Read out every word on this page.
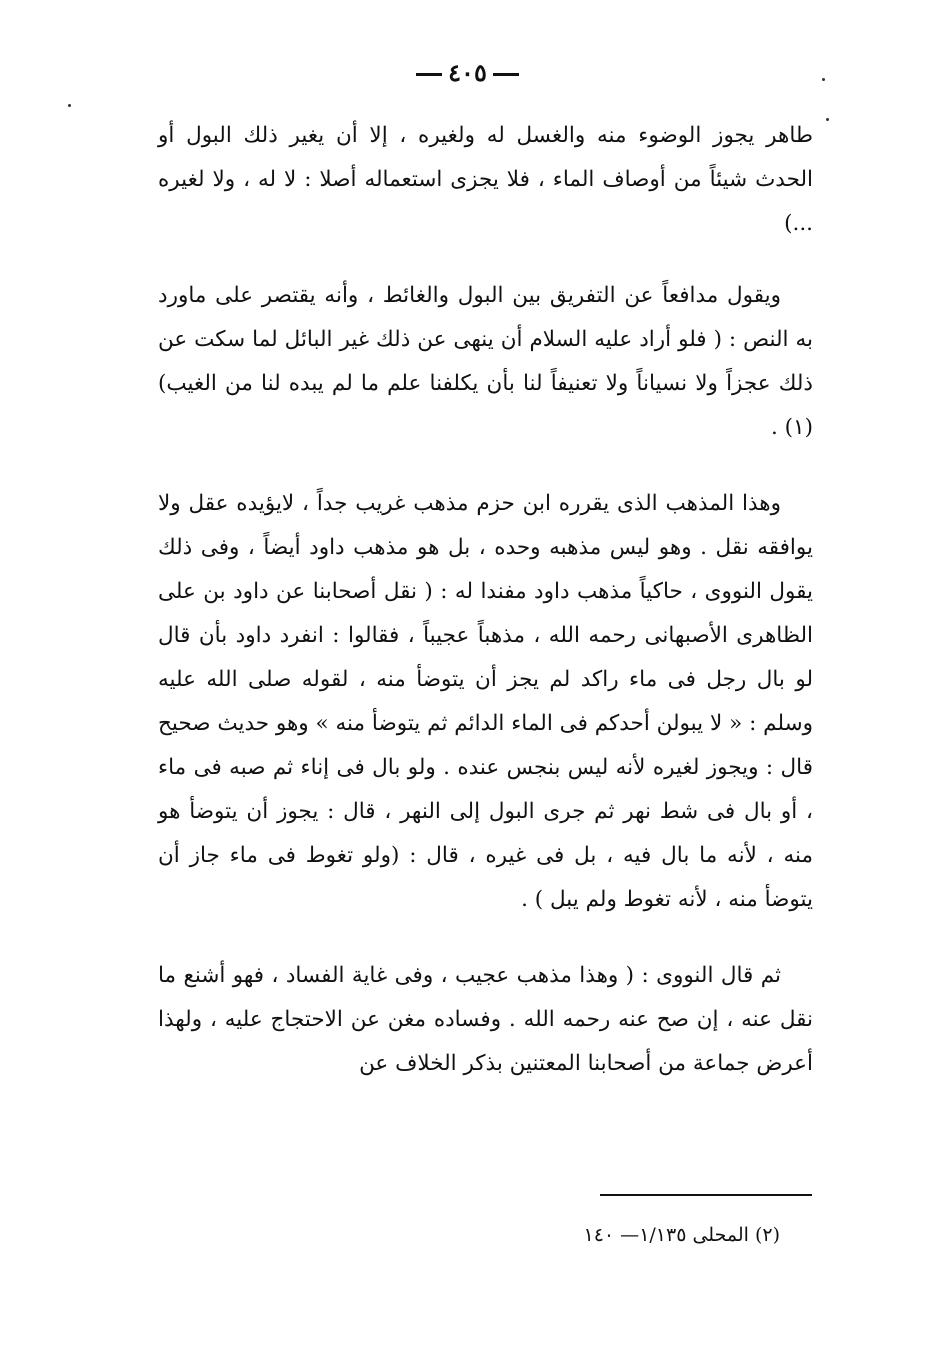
٤٠٥

طاهر يجوز الوضوء منه والغسل له ولغيره ، إلا أن يغير ذلك البول أو الحدث شيئاً من أوصاف الماء ، فلا يجزى استعماله أصلا : لا له ، ولا لغيره ...)

ويقول مدافعاً عن التفريق بين البول والغائط ، وأنه يقتصر على ماورد به النص : ( فلو أراد عليه السلام أن ينهى عن ذلك غير البائل لما سكت عن ذلك عجزاً ولا نسياناً ولا تعنيفاً لنا بأن يكلفنا علم ما لم يبده لنا من الغيب)(١) .

وهذا المذهب الذى يقرره ابن حزم مذهب غريب جداً ، لايؤيده عقل ولا يوافقه نقل . وهو ليس مذهبه وحده ، بل هو مذهب داود أيضاً ، وفى ذلك يقول النووى ، حاكياً مذهب داود مفندا له : ( نقل أصحابنا عن داود بن على الظاهرى الأصبهانى رحمه الله ، مذهباً عجيباً ، فقالوا : انفرد داود بأن قال لو بال رجل فى ماء راكد لم يجز أن يتوضأ منه ، لقوله صلى الله عليه وسلم : « لا يبولن أحدكم فى الماء الدائم ثم يتوضأ منه » وهو حديث صحيح قال : ويجوز لغيره لأنه ليس بنجس عنده . ولو بال فى إناء ثم صبه فى ماء ، أو بال فى شط نهر ثم جرى البول إلى النهر ، قال : يجوز أن يتوضأ هو منه ، لأنه ما بال فيه ، بل فى غيره ، قال : (ولو تغوط فى ماء جاز أن يتوضأ منه ، لأنه تغوط ولم يبل ) .

ثم قال النووى : ( وهذا مذهب عجيب ، وفى غاية الفساد ، فهو أشنع ما نقل عنه ، إن صح عنه رحمه الله . وفساده مغن عن الاحتجاج عليه ، ولهذا أعرض جماعة من أصحابنا المعتنين بذكر الخلاف عن

(٢) المحلى ١/١٣٥— ١٤٠
